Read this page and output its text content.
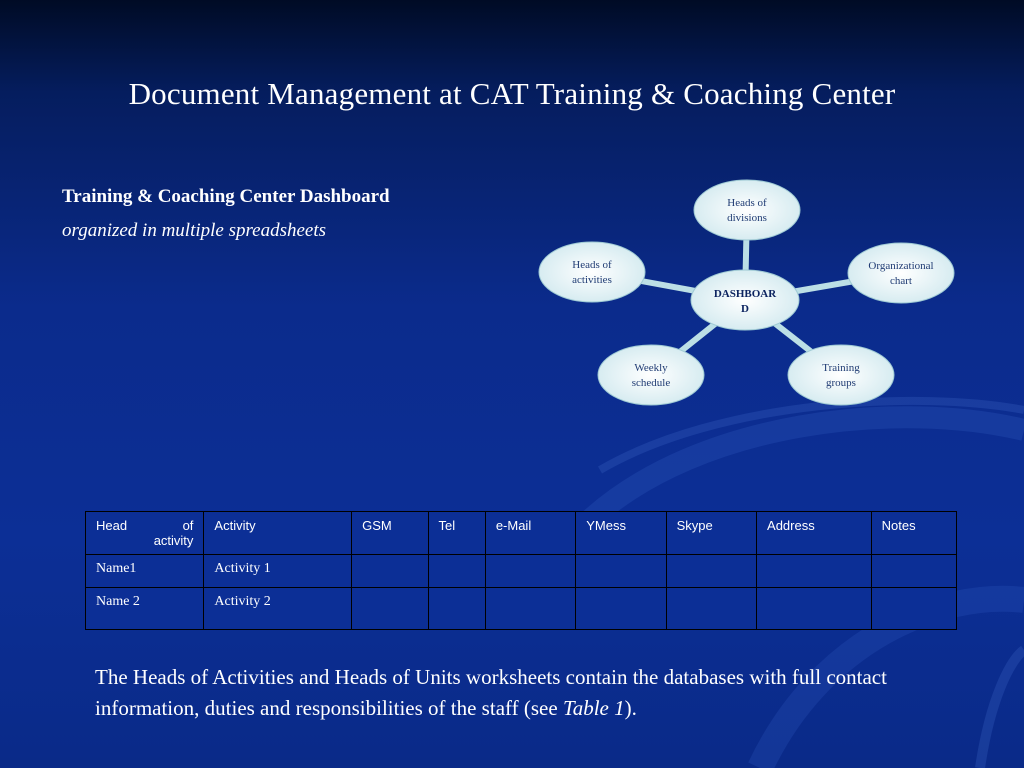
Document Management at CAT Training & Coaching Center
Training & Coaching Center Dashboard
organized in multiple spreadsheets
Heads of
divisions
Organizational
chart
Training
groups
Weekly
schedule
Heads of
activities
DASHBOAR
D
Head of
activity	Activity	GSM	Tel	e-Mail	YMess	Skype	Address	Notes
Name1	Activity 1							
Name 2	Activity 2							
The Heads of Activities and Heads of Units worksheets contain the databases with full contact information, duties and responsibilities of the staff (see Table 1).
